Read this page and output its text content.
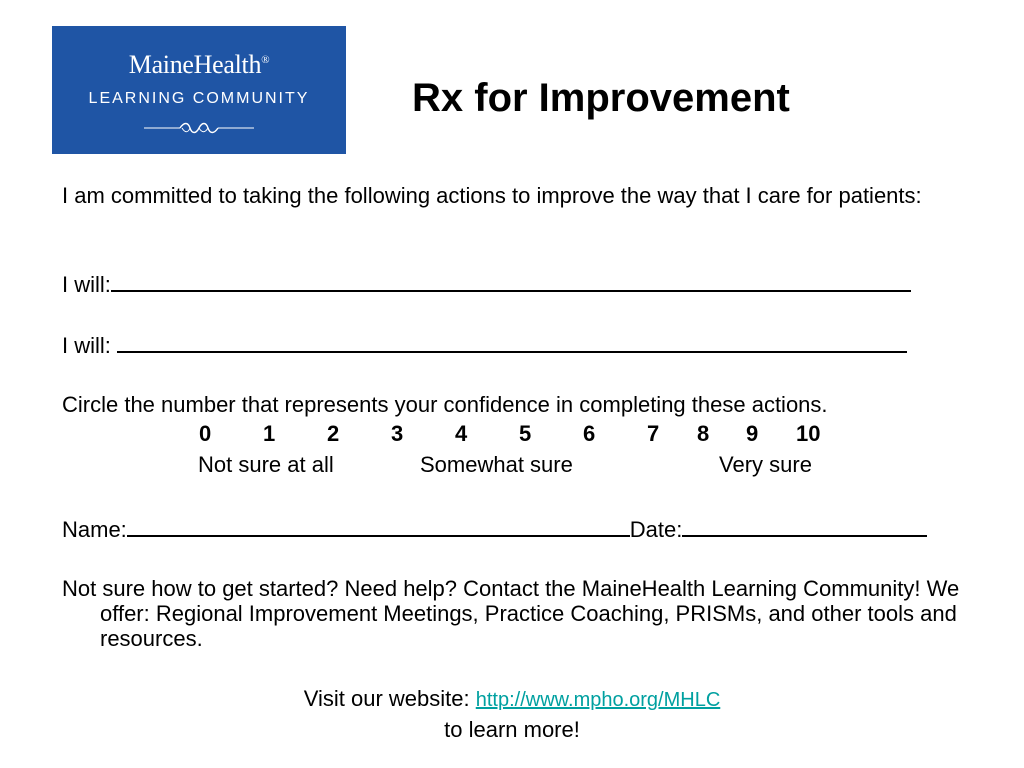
MaineHealth®
LEARNING COMMUNITY	Rx for Improvement
I am committed to taking the following actions to improve the way that I care for patients:
I will:
I will:
Circle the number that represents your confidence in completing these actions.
0 1 2 3 4 5 6 7 8 9 10
Not sure at all	Somewhat sure	Very sure
Name:	Date:
Not sure how to get started? Need help? Contact the MaineHealth Learning Community! We offer: Regional Improvement Meetings, Practice Coaching, PRISMs, and other tools and resources.
Visit our website: http://www.mpho.org/MHLC
to learn more!
